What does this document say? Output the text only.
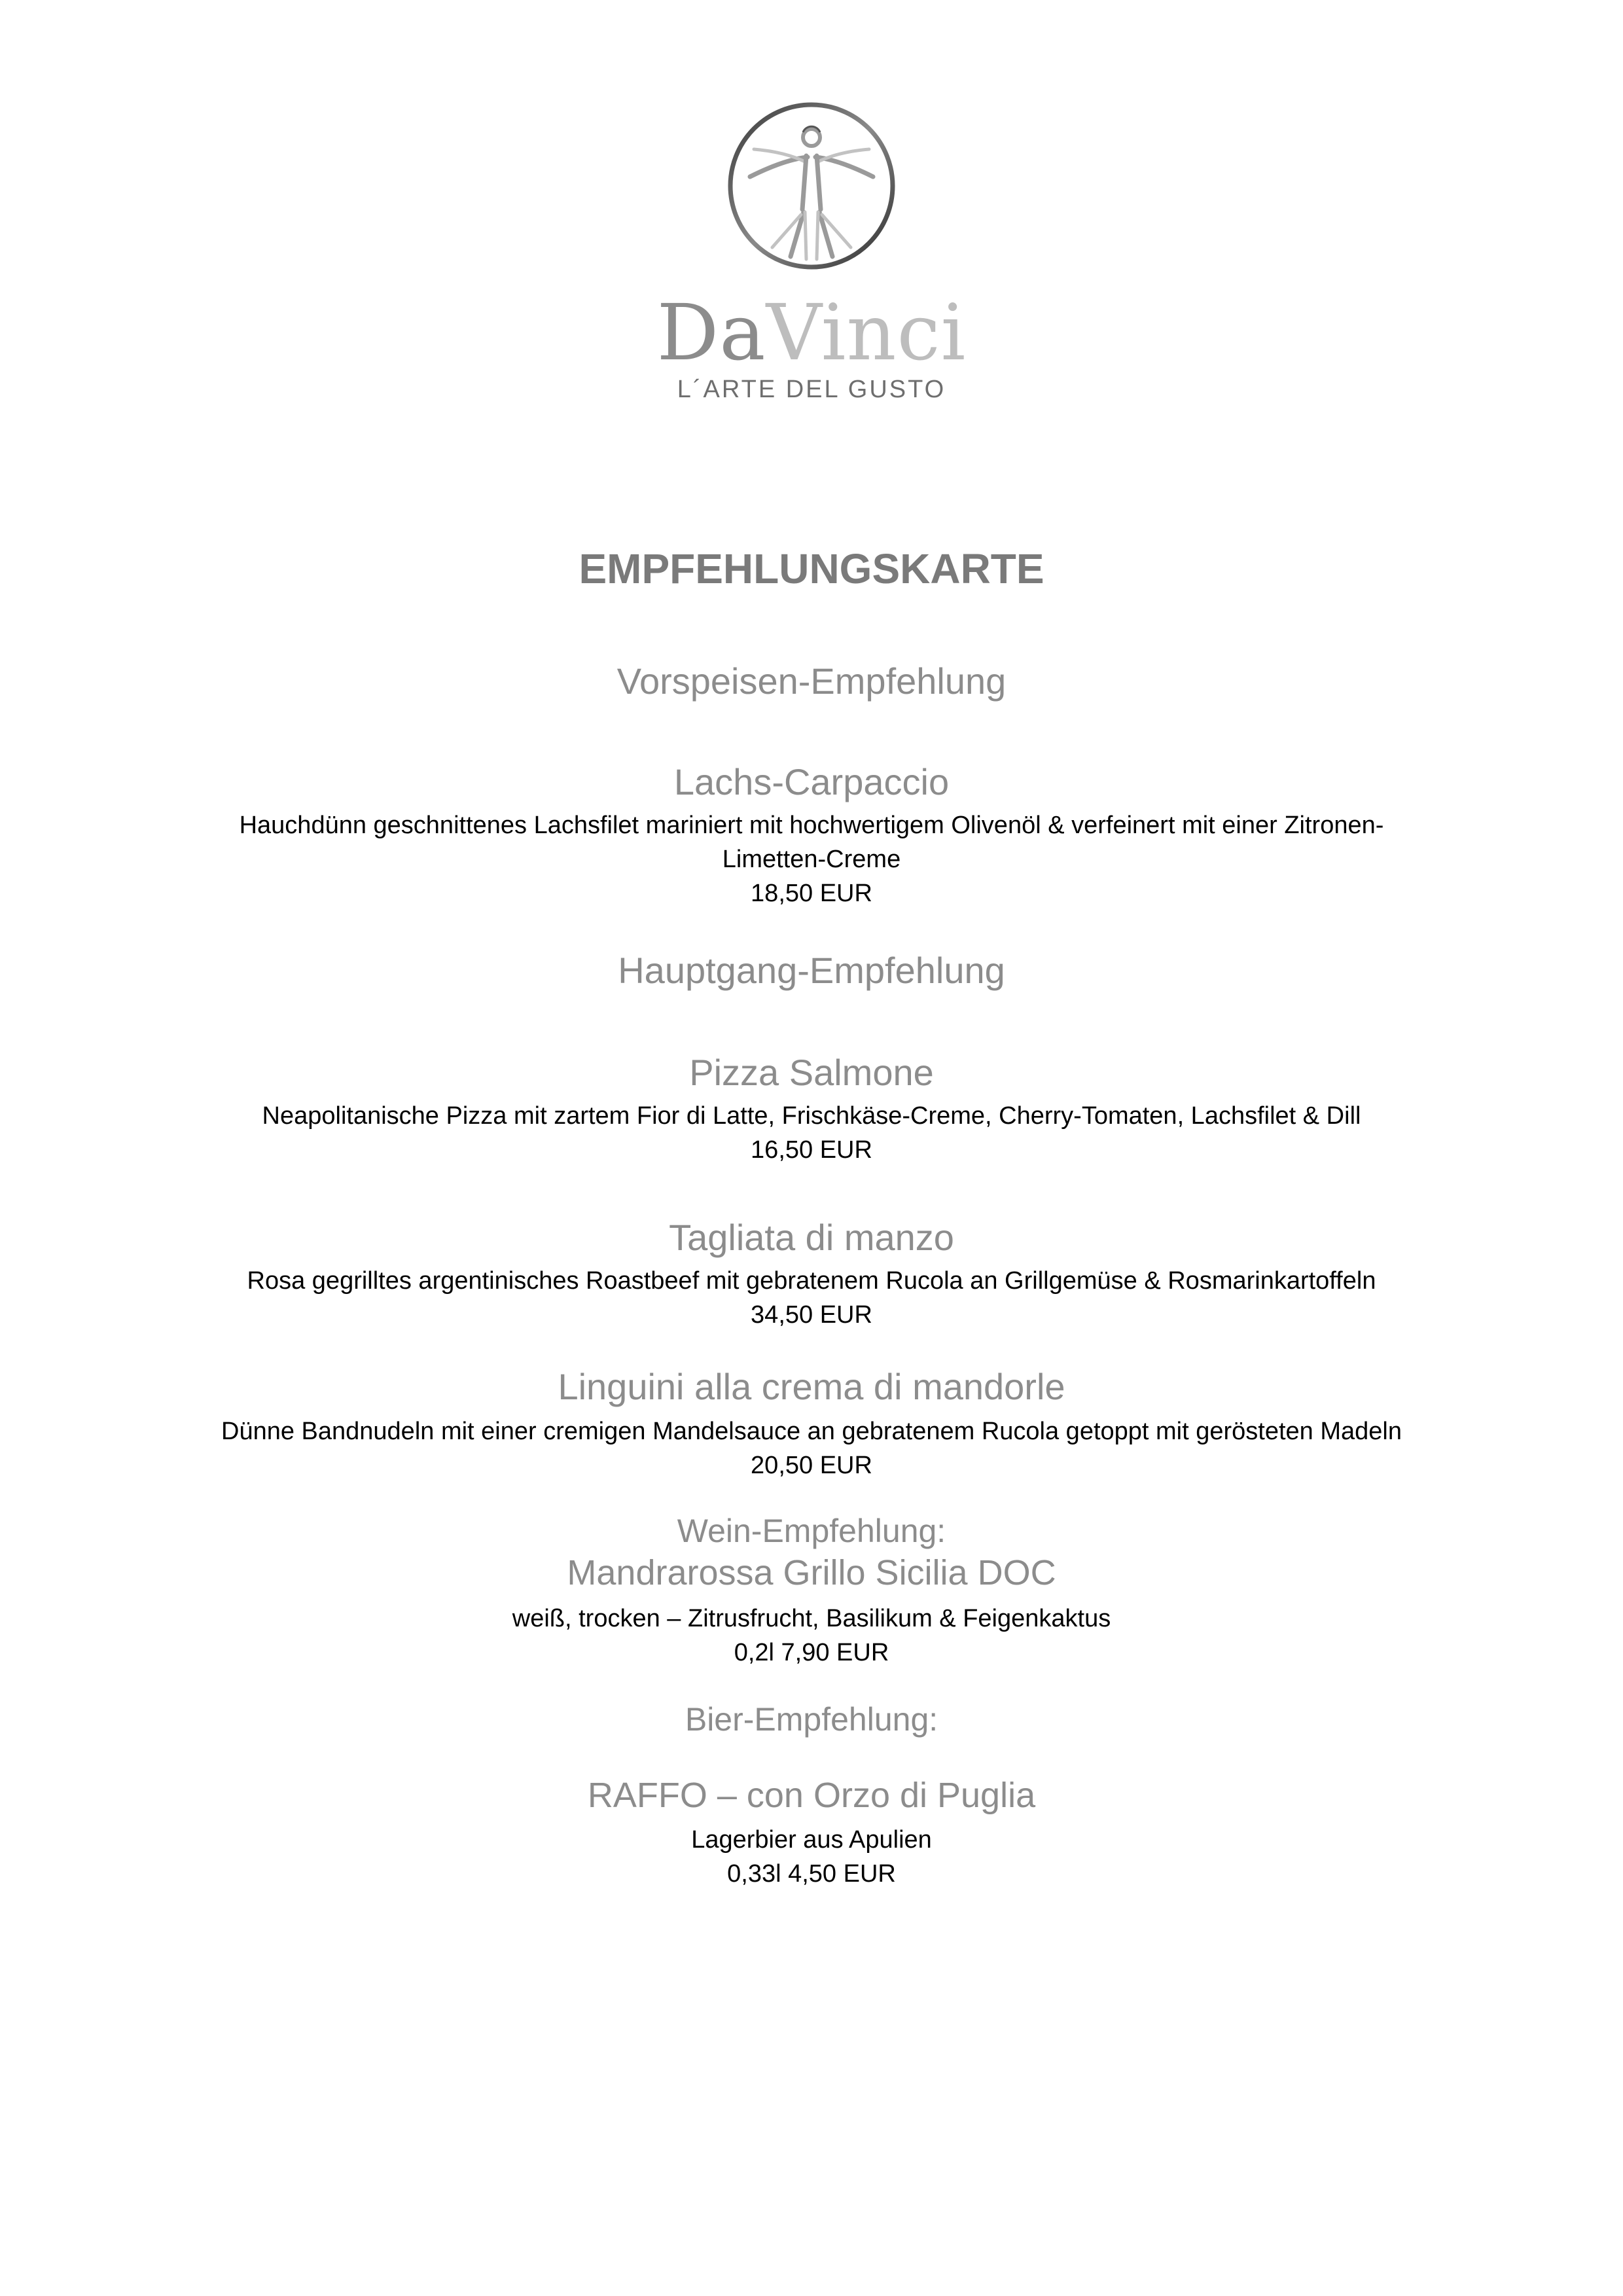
DaVinci
L´ARTE DEL GUSTO
EMPFEHLUNGSKARTE
Vorspeisen-Empfehlung
Lachs-Carpaccio
Hauchdünn geschnittenes Lachsfilet mariniert mit hochwertigem Olivenöl & verfeinert mit einer Zitronen-
Limetten-Creme
18,50 EUR
Hauptgang-Empfehlung
Pizza Salmone
Neapolitanische Pizza mit zartem Fior di Latte, Frischkäse-Creme, Cherry-Tomaten, Lachsfilet & Dill
16,50 EUR
Tagliata di manzo
Rosa gegrilltes argentinisches Roastbeef mit gebratenem Rucola an Grillgemüse & Rosmarinkartoffeln
34,50 EUR
Linguini alla crema di mandorle
Dünne Bandnudeln mit einer cremigen Mandelsauce an gebratenem Rucola getoppt mit gerösteten Madeln
20,50 EUR
Wein-Empfehlung:
Mandrarossa Grillo Sicilia DOC
weiß, trocken – Zitrusfrucht, Basilikum & Feigenkaktus
0,2l 7,90 EUR
Bier-Empfehlung:
RAFFO – con Orzo di Puglia
Lagerbier aus Apulien
0,33l 4,50 EUR
